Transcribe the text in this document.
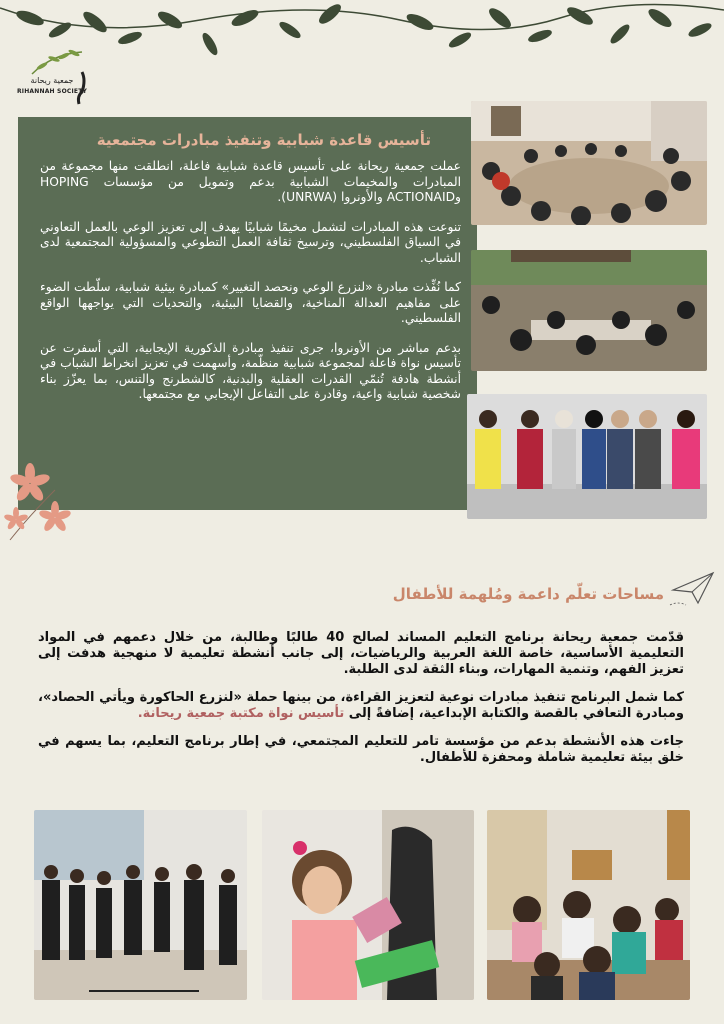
جمعية ريحانة
RIHANNAH SOCIETY
تأسيس قاعدة شبابية وتنفيذ مبادرات مجتمعية

عملت جمعية ريحانة على تأسيس قاعدة شبابية فاعلة، انطلقت منها مجموعة من المبادرات والمخيمات الشبابية بدعم وتمويل من مؤسسات HOPING وACTIONAID والأونروا (UNRWA).

تنوعت هذه المبادرات لتشمل مخيمًا شبابيًا يهدف إلى تعزيز الوعي بالعمل التعاوني في السياق الفلسطيني، وترسيخ ثقافة العمل التطوعي والمسؤولية المجتمعية لدى الشباب.

كما نُفِّذت مبادرة «لنزرع الوعي ونحصد التغيير» كمبادرة بيئية شبابية، سلّطت الضوء على مفاهيم العدالة المناخية، والقضايا البيئية، والتحديات التي يواجهها الواقع الفلسطيني.

بدعم مباشر من الأونروا، جرى تنفيذ مبادرة الذكورية الإيجابية، التي أسفرت عن تأسيس نواة فاعلة لمجموعة شبابية منظّمة، وأسهمت في تعزيز انخراط الشباب في أنشطة هادفة تُنمّي القدرات العقلية والبدنية، كالشطرنج والتنس، بما يعزّز بناء شخصية شبابية واعية، وقادرة على التفاعل الإيجابي مع مجتمعها.

مساحات تعلّم داعمة ومُلهمة للأطفال

قدّمت جمعية ريحانة برنامج التعليم المساند لصالح 40 طالبًا وطالبة، من خلال دعمهم في المواد التعليمية الأساسية، خاصة اللغة العربية والرياضيات، إلى جانب أنشطة تعليمية لا منهجية هدفت إلى تعزيز الفهم، وتنمية المهارات، وبناء الثقة لدى الطلبة.

كما شمل البرنامج تنفيذ مبادرات نوعية لتعزيز القراءة، من بينها حملة «لنزرع الحاكورة ويأتي الحصاد»، ومبادرة التعافي بالقصة والكتابة الإبداعية، إضافةً إلى تأسيس نواة مكتبة جمعية ريحانة.

جاءت هذه الأنشطة بدعم من مؤسسة تامر للتعليم المجتمعي، في إطار برنامج التعليم، بما يسهم في خلق بيئة تعليمية شاملة ومحفزة للأطفال.
